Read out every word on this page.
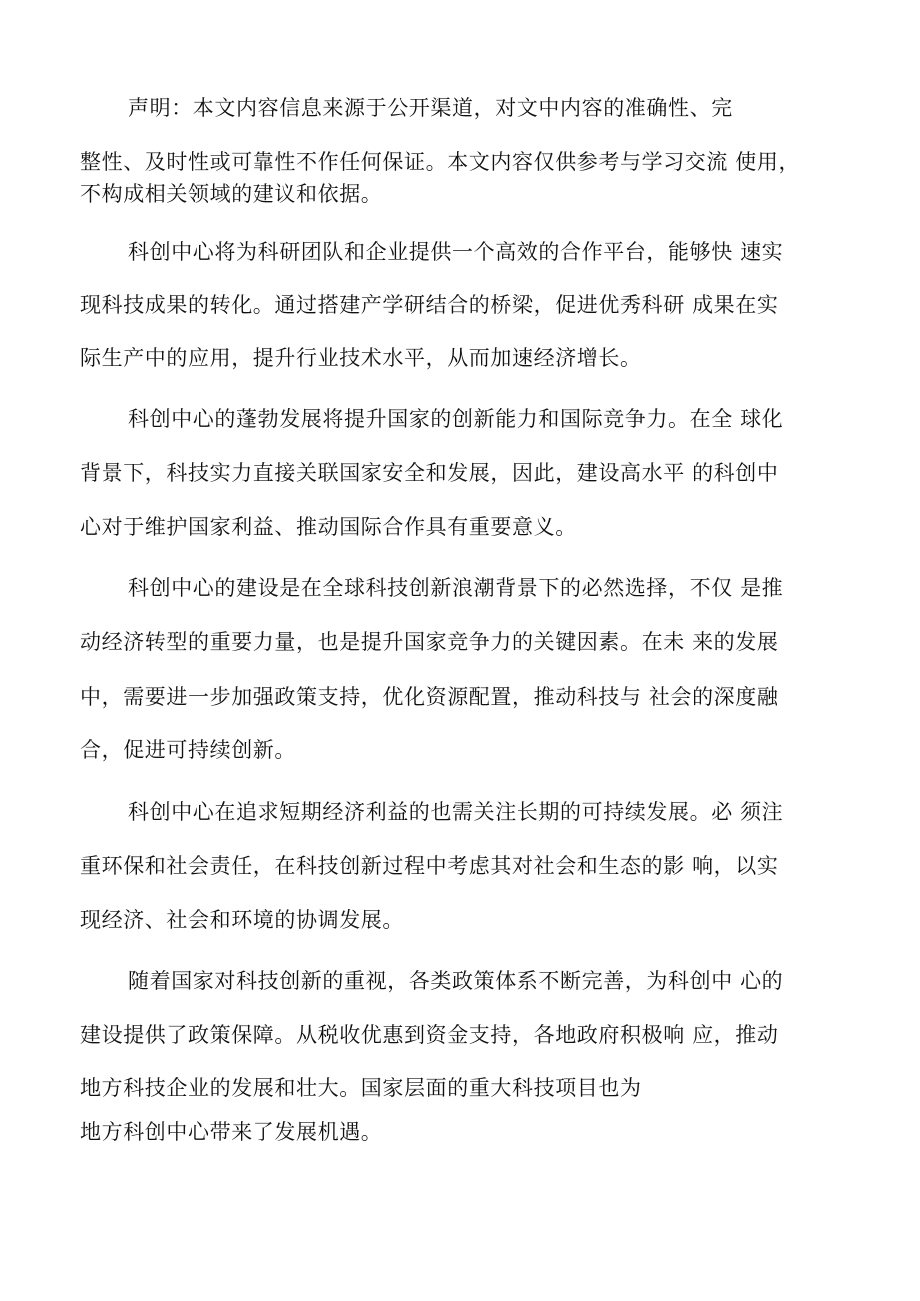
声明：本文内容信息来源于公开渠道，对文中内容的准确性、完
整性、及时性或可靠性不作任何保证。本文内容仅供参考与学习交流 使用，
不构成相关领域的建议和依据。
科创中心将为科研团队和企业提供一个高效的合作平台，能够快 速实
现科技成果的转化。通过搭建产学研结合的桥梁，促进优秀科研 成果在实
际生产中的应用，提升行业技术水平，从而加速经济增长。
科创中心的蓬勃发展将提升国家的创新能力和国际竞争力。在全 球化
背景下，科技实力直接关联国家安全和发展，因此，建设高水平 的科创中
心对于维护国家利益、推动国际合作具有重要意义。
科创中心的建设是在全球科技创新浪潮背景下的必然选择，不仅 是推
动经济转型的重要力量，也是提升国家竞争力的关键因素。在未 来的发展
中，需要进一步加强政策支持，优化资源配置，推动科技与 社会的深度融
合，促进可持续创新。
科创中心在追求短期经济利益的也需关注长期的可持续发展。必 须注
重环保和社会责任，在科技创新过程中考虑其对社会和生态的影 响，以实
现经济、社会和环境的协调发展。
随着国家对科技创新的重视，各类政策体系不断完善，为科创中 心的
建设提供了政策保障。从税收优惠到资金支持，各地政府积极响 应，推动
地方科技企业的发展和壮大。国家层面的重大科技项目也为
地方科创中心带来了发展机遇。
